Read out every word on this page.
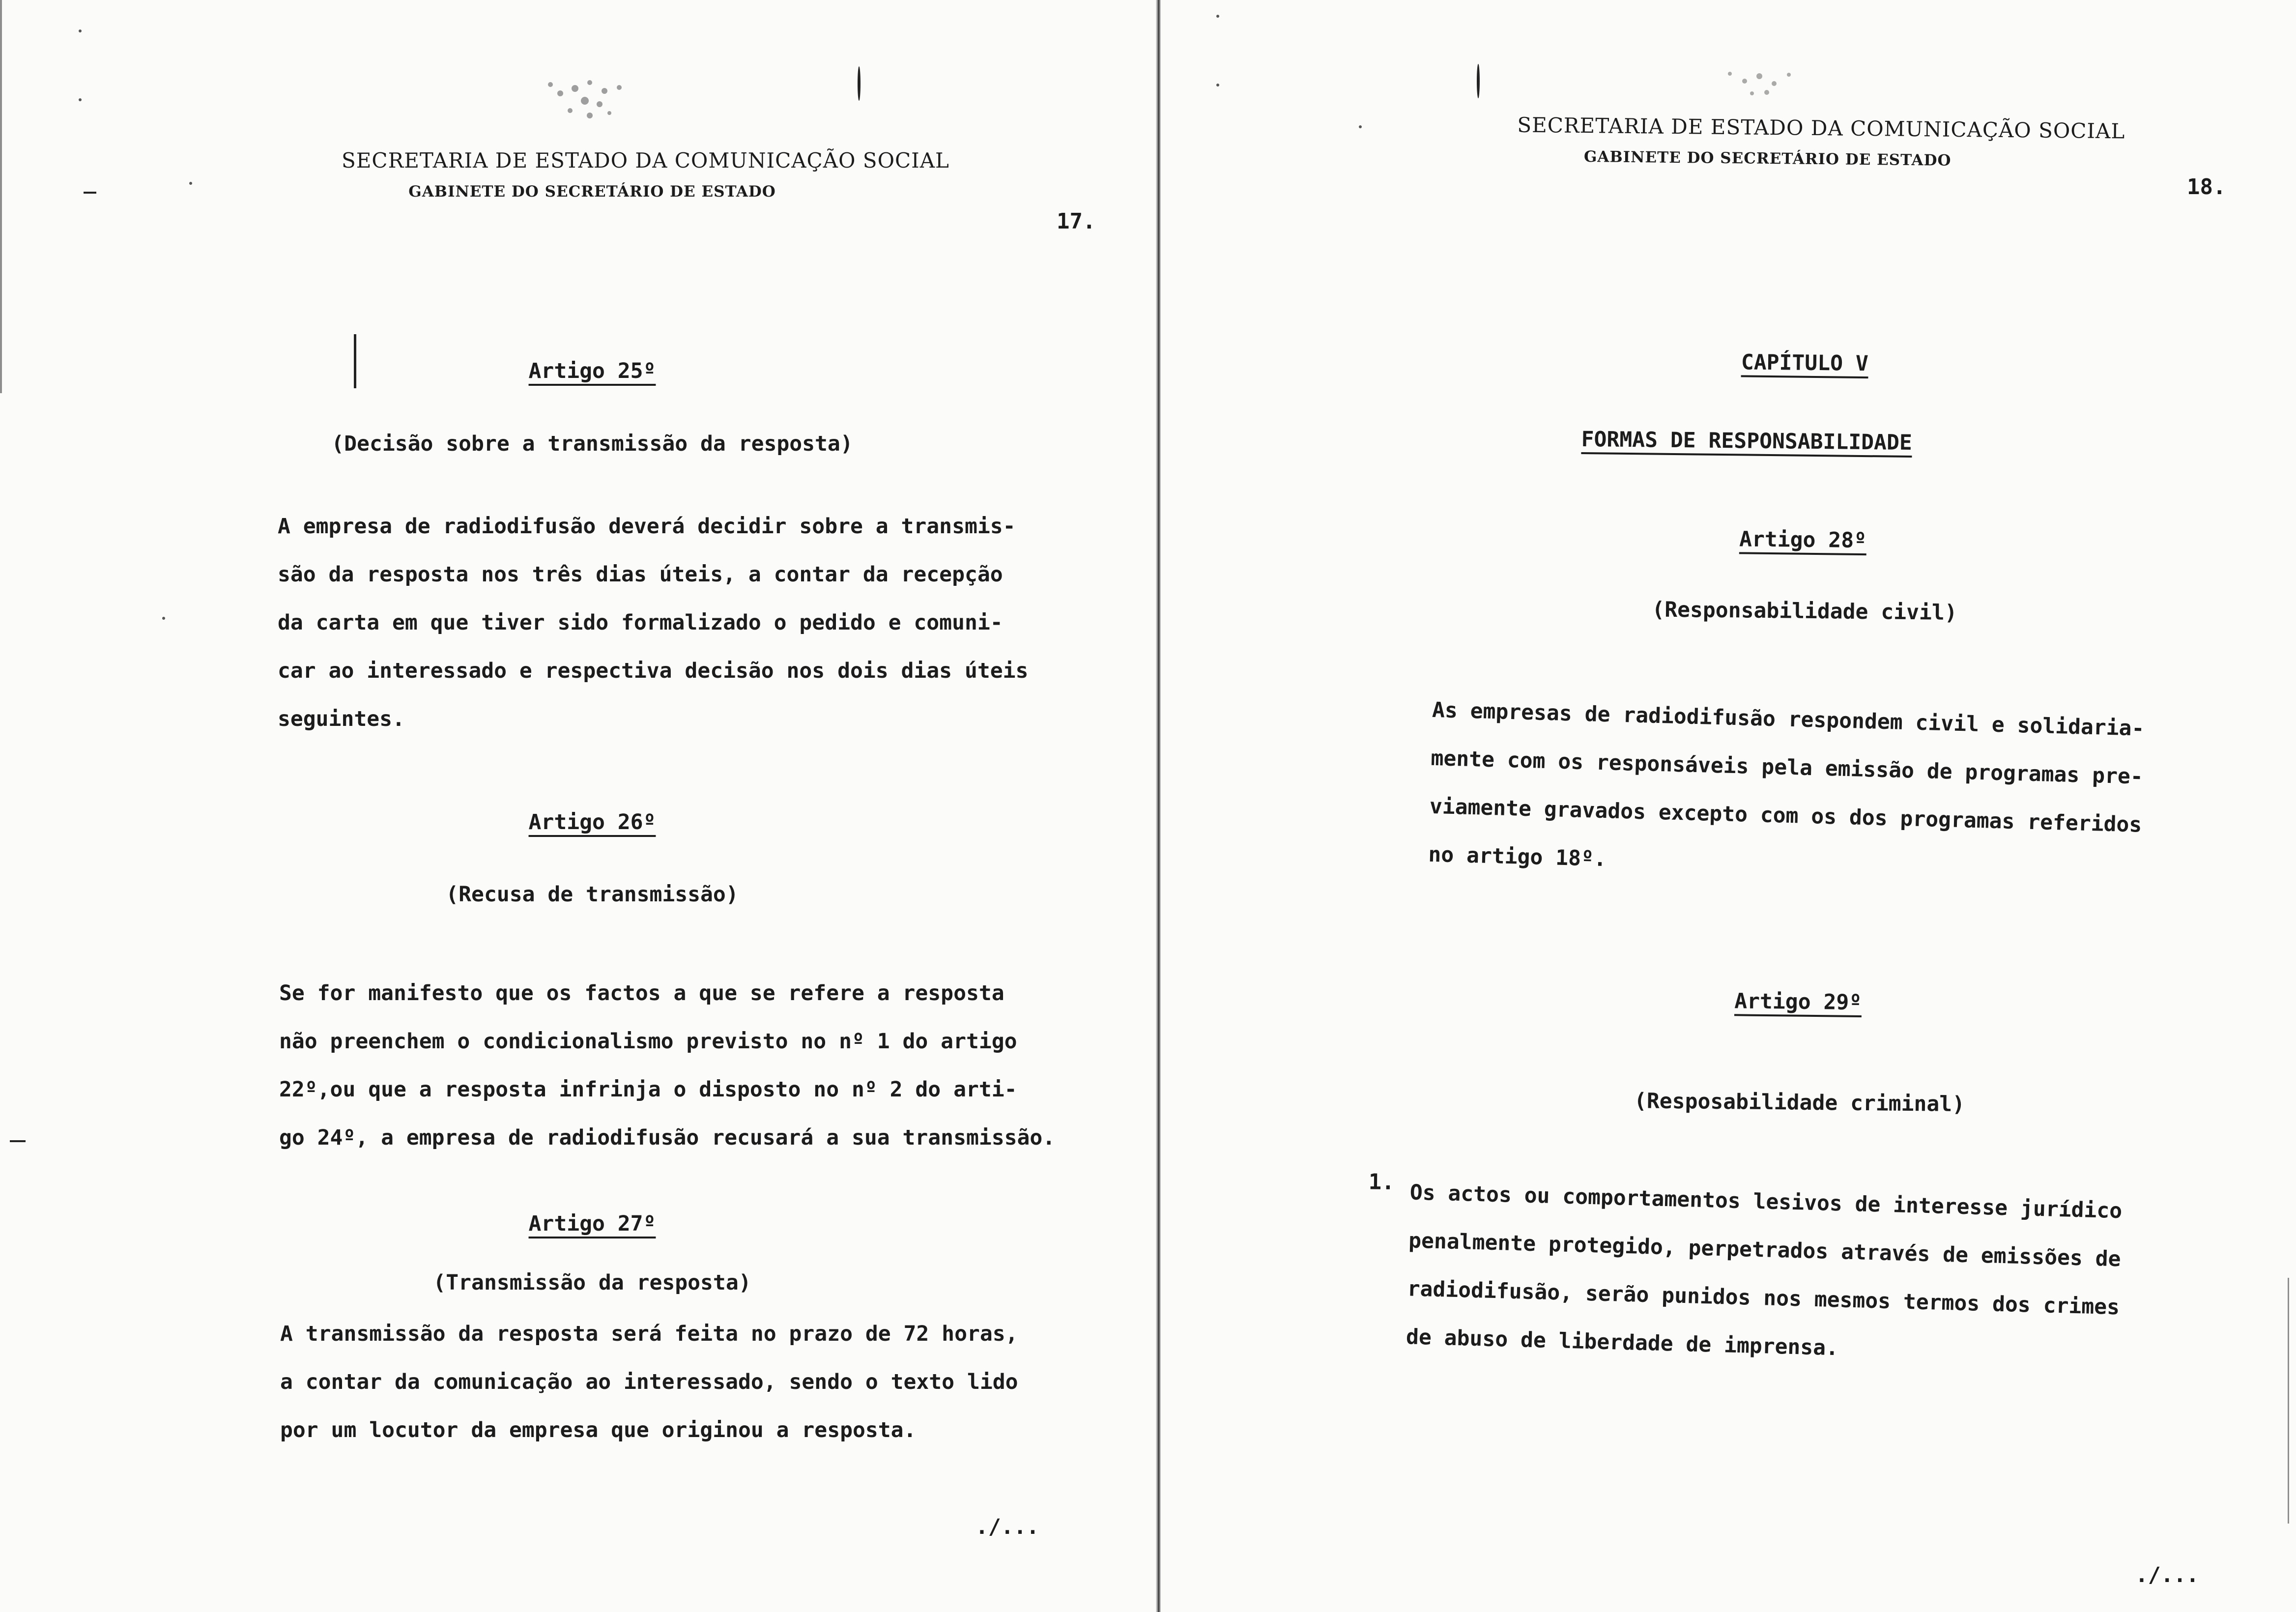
SECRETARIA DE ESTADO DA COMUNICAÇÃO SOCIAL
GABINETE DO SECRETÁRIO DE ESTADO
17.
Artigo 25º
(Decisão sobre a transmissão da resposta)
A empresa de radiodifusão deverá decidir sobre a transmis-
são da resposta nos três dias úteis, a contar da recepção
da carta em que tiver sido formalizado o pedido e comuni-
car ao interessado e respectiva decisão nos dois dias úteis
seguintes.
Artigo 26º
(Recusa de transmissão)
Se for manifesto que os factos a que se refere a resposta
não preenchem o condicionalismo previsto no nº 1 do artigo
22º,ou que a resposta infrinja o disposto no nº 2 do arti-
go 24º, a empresa de radiodifusão recusará a sua transmissão.
Artigo 27º
(Transmissão da resposta)
A transmissão da resposta será feita no prazo de 72 horas,
a contar da comunicação ao interessado, sendo o texto lido
por um locutor da empresa que originou a resposta.
./...
SECRETARIA DE ESTADO DA COMUNICAÇÃO SOCIAL
GABINETE DO SECRETÁRIO DE ESTADO
18.
CAPÍTULO V
FORMAS DE RESPONSABILIDADE
Artigo 28º
(Responsabilidade civil)
As empresas de radiodifusão respondem civil e solidaria-
mente com os responsáveis pela emissão de programas pre-
viamente gravados excepto com os dos programas referidos
no artigo 18º.
Artigo 29º
(Resposabilidade criminal)
1. Os actos ou comportamentos lesivos de interesse jurídico
penalmente protegido, perpetrados através de emissões de
radiodifusão, serão punidos nos mesmos termos dos crimes
de abuso de liberdade de imprensa.
./...
